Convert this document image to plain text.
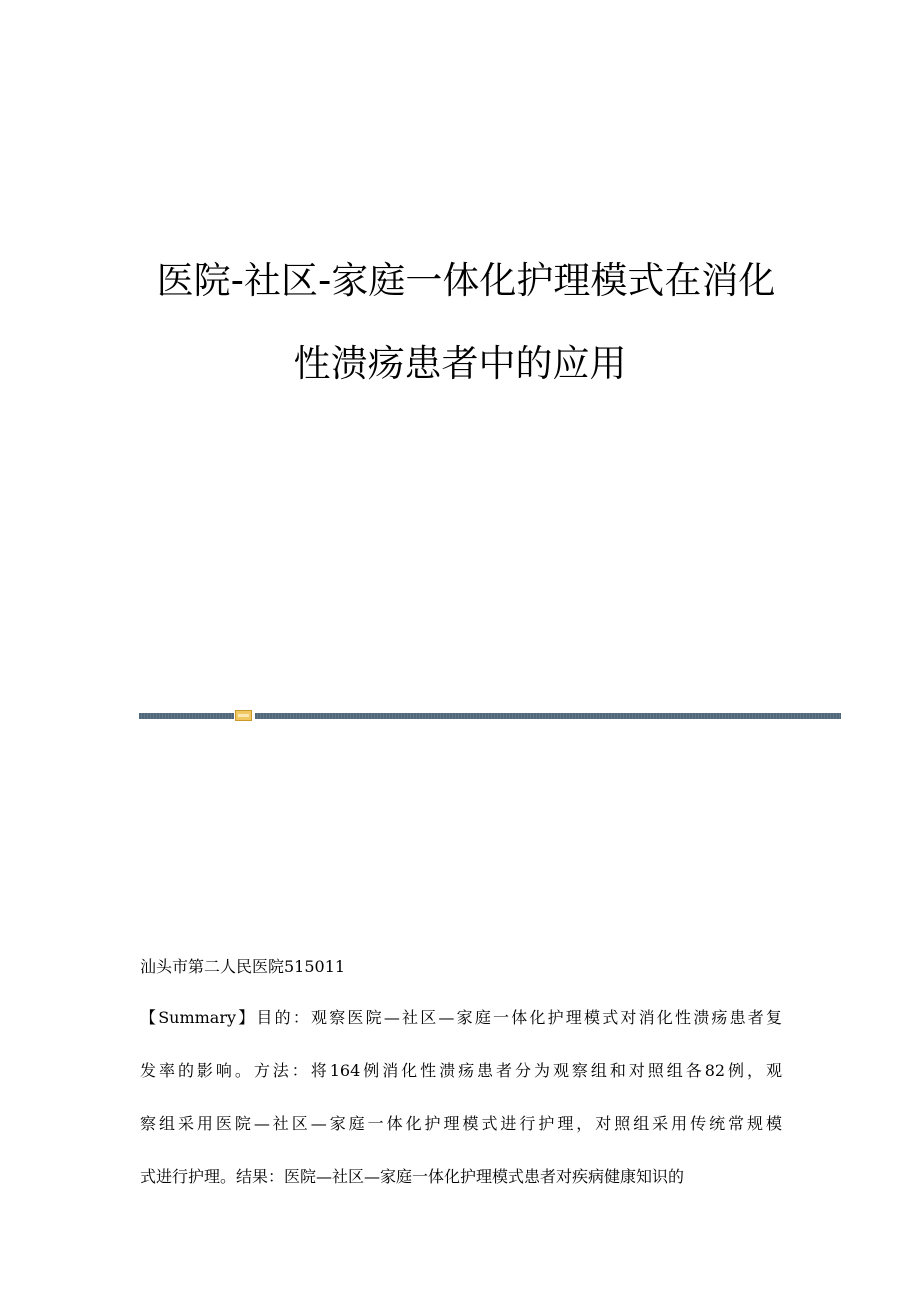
医院-社区-家庭一体化护理模式在消化
性溃疡患者中的应用
汕头市第二人民医院515011
【Summary】目的：观察医院—社区—家庭一体化护理模式对消化性溃疡患者复
发率的影响。方法：将164例消化性溃疡患者分为观察组和对照组各82例，观
察组采用医院—社区—家庭一体化护理模式进行护理，对照组采用传统常规模
式进行护理。结果：医院—社区—家庭一体化护理模式患者对疾病健康知识的
